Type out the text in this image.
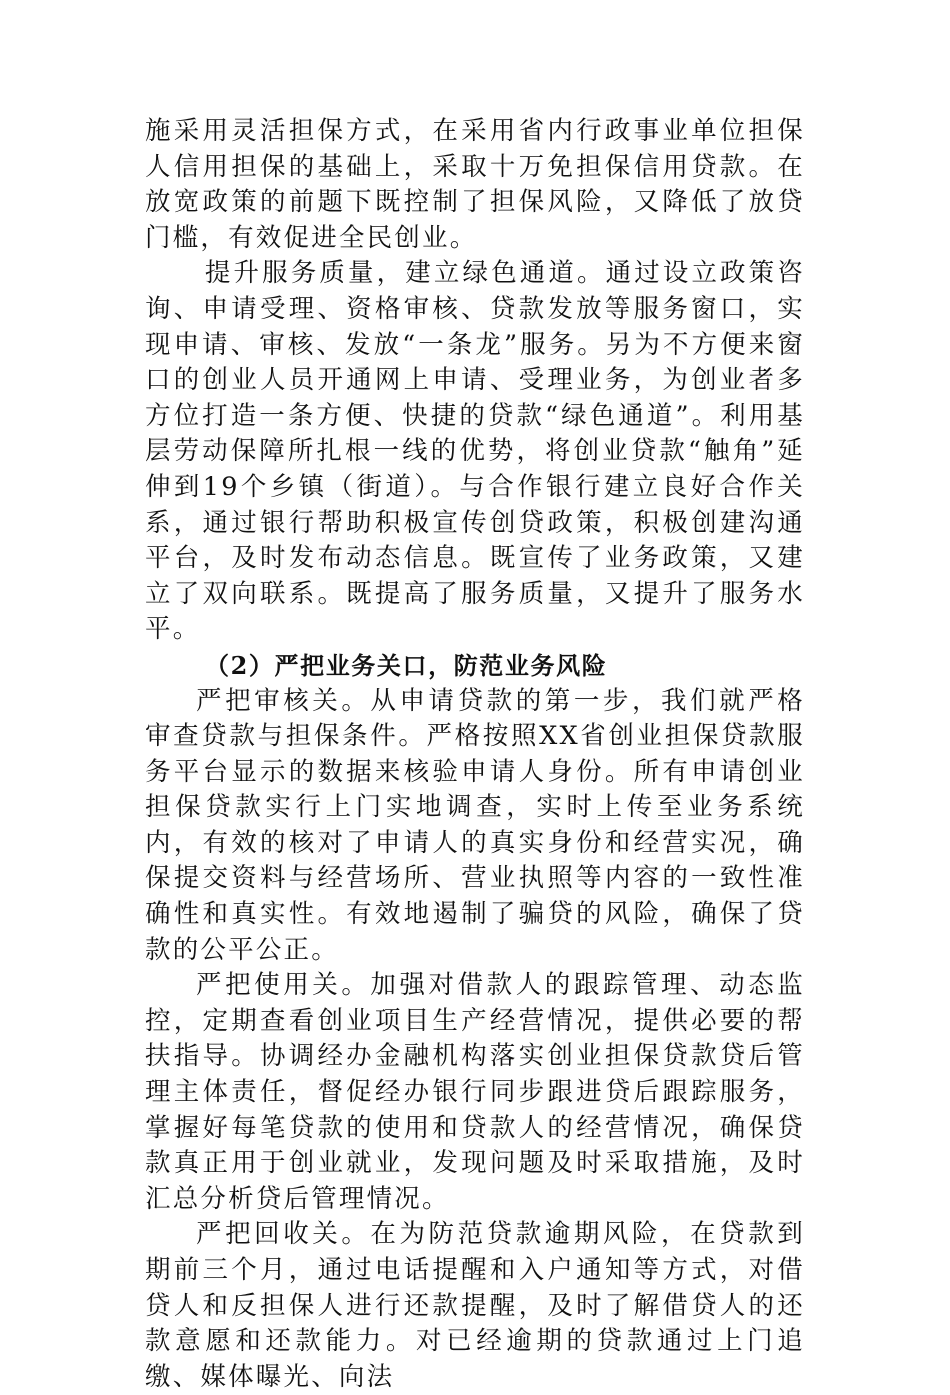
施采用灵活担保方式，在采用省内行政事业单位担保人信用担保的基础上，采取十万免担保信用贷款。在放宽政策的前题下既控制了担保风险，又降低了放贷门槛，有效促进全民创业。

提升服务质量，建立绿色通道。通过设立政策咨询、申请受理、资格审核、贷款发放等服务窗口，实现申请、审核、发放“一条龙”服务。另为不方便来窗口的创业人员开通网上申请、受理业务，为创业者多方位打造一条方便、快捷的贷款“绿色通道”。利用基层劳动保障所扎根一线的优势，将创业贷款“触角”延伸到19个乡镇（街道）。与合作银行建立良好合作关系，通过银行帮助积极宣传创贷政策，积极创建沟通平台，及时发布动态信息。既宣传了业务政策，又建立了双向联系。既提高了服务质量，又提升了服务水平。

（2）严把业务关口，防范业务风险

严把审核关。从申请贷款的第一步，我们就严格审查贷款与担保条件。严格按照XX省创业担保贷款服务平台显示的数据来核验申请人身份。所有申请创业担保贷款实行上门实地调查，实时上传至业务系统内，有效的核对了申请人的真实身份和经营实况，确保提交资料与经营场所、营业执照等内容的一致性准确性和真实性。有效地遏制了骗贷的风险，确保了贷款的公平公正。

严把使用关。加强对借款人的跟踪管理、动态监控，定期查看创业项目生产经营情况，提供必要的帮扶指导。协调经办金融机构落实创业担保贷款贷后管理主体责任，督促经办银行同步跟进贷后跟踪服务，掌握好每笔贷款的使用和贷款人的经营情况，确保贷款真正用于创业就业，发现问题及时采取措施，及时汇总分析贷后管理情况。

严把回收关。在为防范贷款逾期风险，在贷款到期前三个月，通过电话提醒和入户通知等方式，对借贷人和反担保人进行还款提醒，及时了解借贷人的还款意愿和还款能力。对已经逾期的贷款通过上门追缴、媒体曝光、向法
